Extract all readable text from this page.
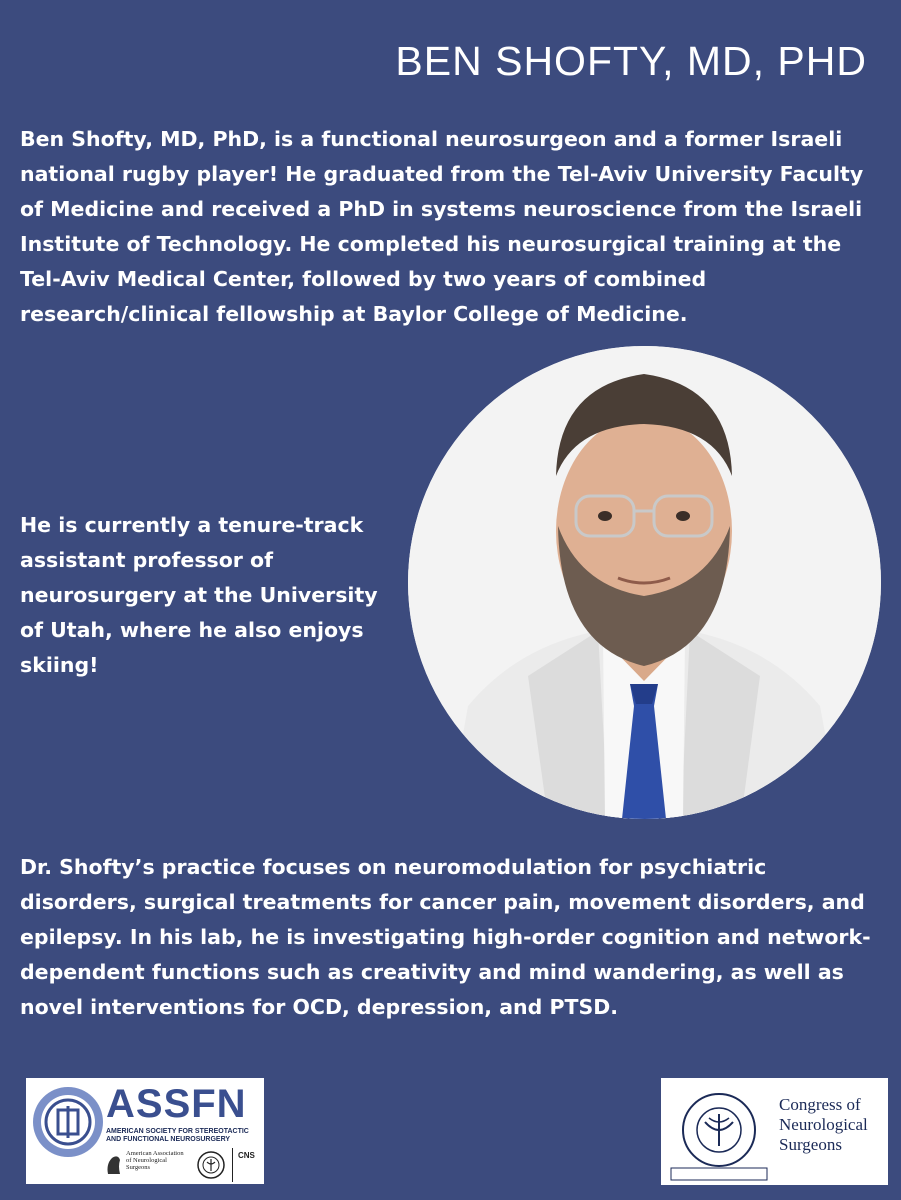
BEN SHOFTY, MD, PHD
Ben Shofty, MD, PhD, is a functional neurosurgeon and a former Israeli national rugby player! He graduated from the Tel-Aviv University Faculty of Medicine and received a PhD in systems neuroscience from the Israeli Institute of Technology. He completed his neurosurgical training at the Tel-Aviv Medical Center, followed by two years of combined research/clinical fellowship at Baylor College of Medicine.
He is currently a tenure-track assistant professor of neurosurgery at the University of Utah, where he also enjoys skiing!
Dr. Shofty’s practice focuses on neuromodulation for psychiatric disorders, surgical treatments for cancer pain, movement disorders, and epilepsy. In his lab, he is investigating high-order cognition and network-dependent functions such as creativity and mind wandering, as well as novel interventions for OCD, depression, and PTSD.
ASSFN
AMERICAN SOCIETY FOR STEREOTACTIC AND FUNCTIONAL NEUROSURGERY
American Association of Neurological Surgeons
CNS
Congress of Neurological Surgeons
